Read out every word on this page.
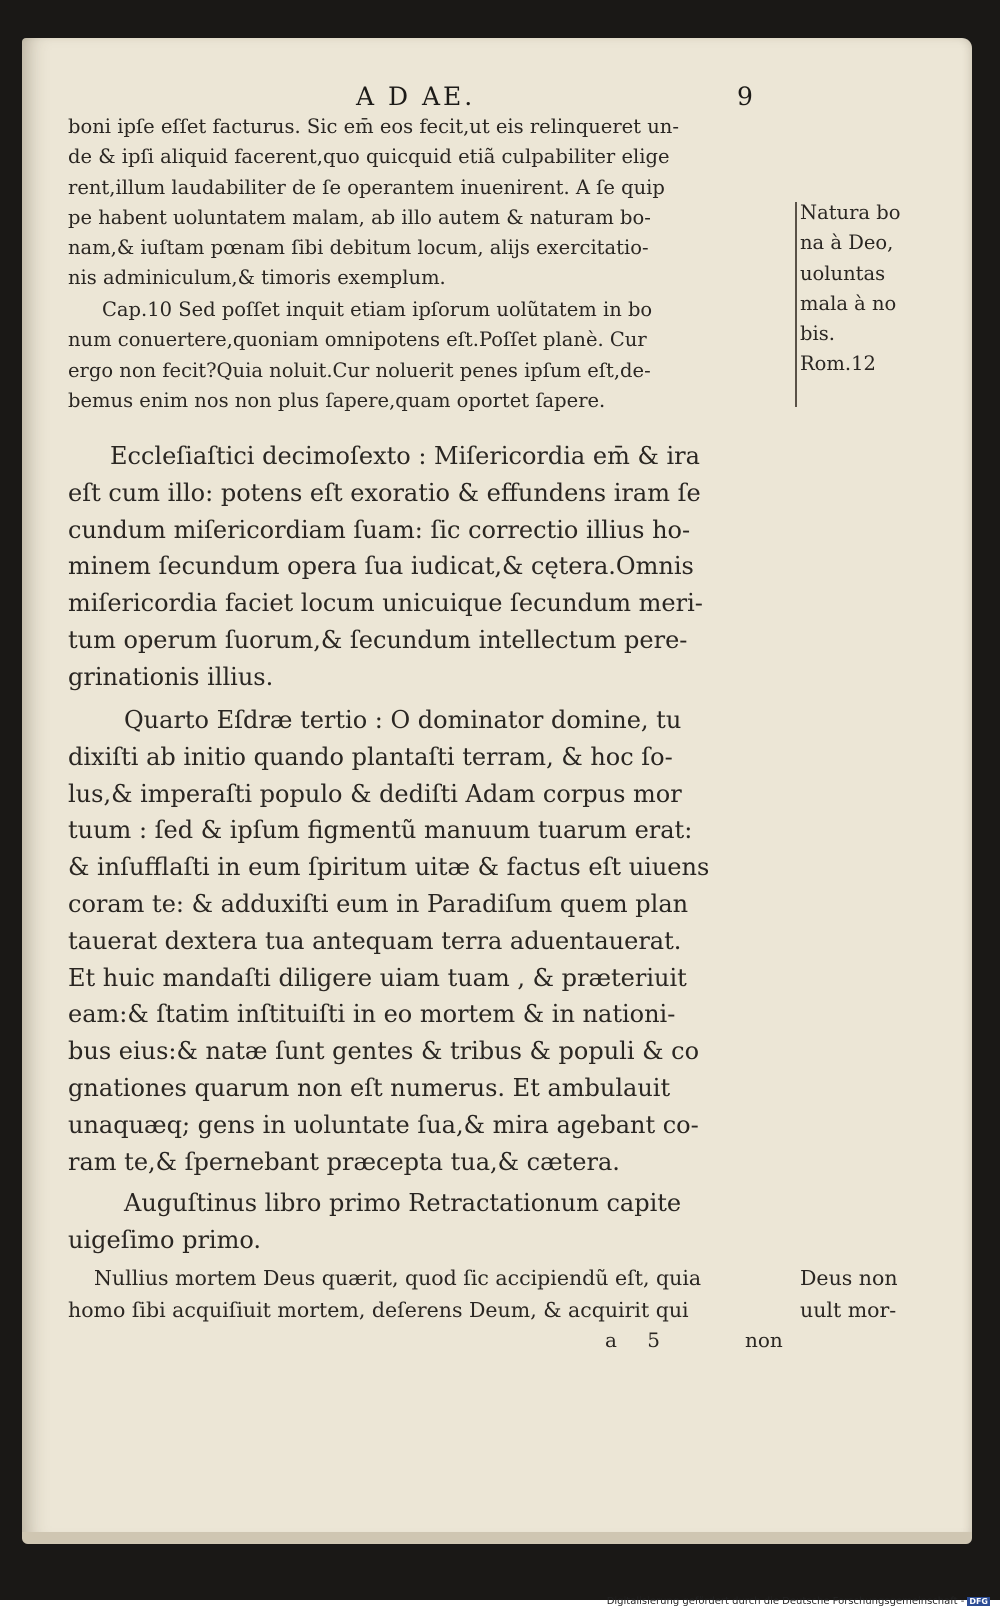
A D AE.	9
boni ipſe eſſet facturus. Sic em̄ eos fecit,ut eis relinqueret un-
de & ipſi aliquid facerent,quo quicquid etiã culpabiliter elige
rent,illum laudabiliter de ſe operantem inuenirent. A ſe quip
pe habent uoluntatem malam, ab illo autem & naturam bo-
nam,& iuſtam pœnam ſibi debitum locum, alijs exercitatio-
nis adminiculum,& timoris exemplum.
Cap.10 Sed poſſet inquit etiam ipſorum uolũtatem in bo
num conuertere,quoniam omnipotens eſt.Poſſet planè. Cur
ergo non fecit?Quia noluit.Cur noluerit penes ipſum eſt,de-
bemus enim nos non plus ſapere,quam oportet ſapere.
Natura bo
na à Deo,
uoluntas
mala à no
bis.
Rom.12
Eccleſiaſtici decimoſexto : Miſericordia em̄ & ira
eſt cum illo: potens eſt exoratio & effundens iram ſe
cundum miſericordiam ſuam: ſic correctio illius ho-
minem ſecundum opera ſua iudicat,& cętera.Omnis
miſericordia faciet locum unicuique ſecundum meri-
tum operum ſuorum,& ſecundum intellectum pere-
grinationis illius.
Quarto Eſdræ tertio : O dominator domine, tu
dixiſti ab initio quando plantaſti terram, & hoc ſo-
lus,& imperaſti populo & dediſti Adam corpus mor
tuum : ſed & ipſum figmentũ manuum tuarum erat:
& inſufflaſti in eum ſpiritum uitæ & factus eſt uiuens
coram te: & adduxiſti eum in Paradiſum quem plan
tauerat dextera tua antequam terra aduentauerat.
Et huic mandaſti diligere uiam tuam , & præteriuit
eam:& ſtatim inſtituiſti in eo mortem & in nationi-
bus eius:& natæ ſunt gentes & tribus & populi & co
gnationes quarum non eſt numerus. Et ambulauit
unaquæq; gens in uoluntate ſua,& mira agebant co-
ram te,& ſpernebant præcepta tua,& cætera.
Auguſtinus libro primo Retractationum capite
uigeſimo primo.
Nullius mortem Deus quærit, quod ſic accipiendũ eſt, quia
homo ſibi acquiſiuit mortem, deſerens Deum, & acquirit qui
Deus non
uult mor-
a 5	non
Digitalisierung gefördert durch die Deutsche Forschungsgemeinschaft - DFG
